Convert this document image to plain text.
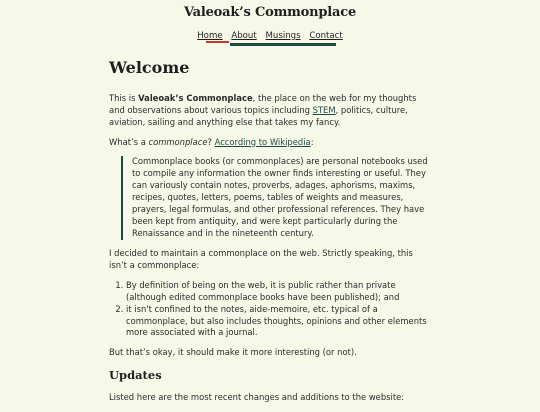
Valeoak’s Commonplace
Home About Musings Contact
Welcome

This is Valeoak’s Commonplace, the place on the web for my thoughts and observations about various topics including STEM, politics, culture, aviation, sailing and anything else that takes my fancy.

What’s a commonplace? According to Wikipedia:

Commonplace books (or commonplaces) are personal notebooks used to compile any information the owner finds interesting or useful. They can variously contain notes, proverbs, adages, aphorisms, maxims, recipes, quotes, letters, poems, tables of weights and measures, prayers, legal formulas, and other professional references. They have been kept from antiquity, and were kept particularly during the Renaissance and in the nineteenth century.

I decided to maintain a commonplace on the web. Strictly speaking, this isn’t a commonplace:

1. By definition of being on the web, it is public rather than private (although edited commonplace books have been published); and
2. it isn't confined to the notes, aide-memoire, etc. typical of a commonplace, but also includes thoughts, opinions and other elements more associated with a journal.

But that’s okay, it should make it more interesting (or not).

Updates

Listed here are the most recent changes and additions to the website:
